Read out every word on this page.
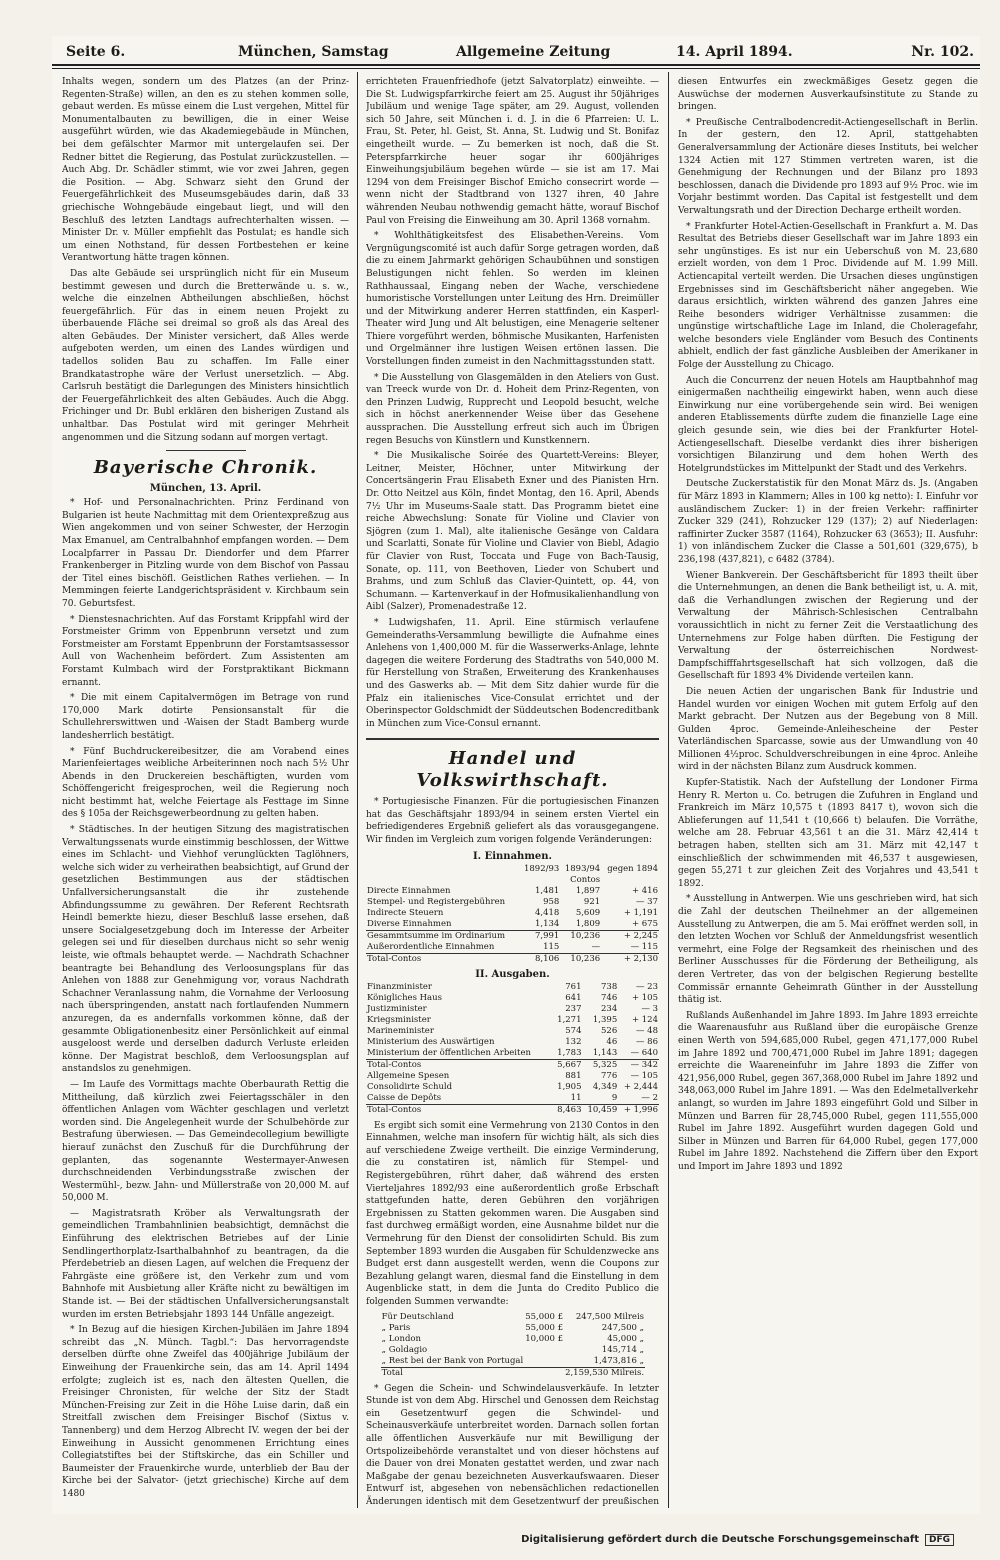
Seite 6.	München, Samstag	Allgemeine Zeitung	14. April 1894.	Nr. 102.

Inhalts wegen, sondern um des Platzes (an der Prinz-Regenten-Straße) willen, an den es zu stehen kommen solle, gebaut werden. Es müsse einem die Lust vergehen, Mittel für Monumentalbauten zu bewilligen, die in einer Weise ausgeführt würden, wie das Akademiegebäude in München, bei dem gefälschter Marmor mit untergelaufen sei. Der Redner bittet die Regierung, das Postulat zurückzustellen. — Auch Abg. Dr. Schädler stimmt, wie vor zwei Jahren, gegen die Position. — Abg. Schwarz sieht den Grund der Feuergefährlichkeit des Museumsgebäudes darin, daß 33 griechische Wohngebäude eingebaut liegt, und will den Beschluß des letzten Landtags aufrechterhalten wissen. — Minister Dr. v. Müller empfiehlt das Postulat; es handle sich um einen Nothstand, für dessen Fortbestehen er keine Verantwortung hätte tragen können.

Das alte Gebäude sei ursprünglich nicht für ein Museum bestimmt gewesen und durch die Bretterwände u. s. w., welche die einzelnen Abtheilungen abschließen, höchst feuergefährlich. Für das in einem neuen Projekt zu überbauende Fläche sei dreimal so groß als das Areal des alten Gebäudes. Der Minister versichert, daß Alles werde aufgeboten werden, um einen des Landes würdigen und tadellos soliden Bau zu schaffen. Im Falle einer Brandkatastrophe wäre der Verlust unersetzlich. — Abg. Carlsruh bestätigt die Darlegungen des Ministers hinsichtlich der Feuergefährlichkeit des alten Gebäudes. Auch die Abgg. Frichinger und Dr. Bubl erklären den bisherigen Zustand als unhaltbar. Das Postulat wird mit geringer Mehrheit angenommen und die Sitzung sodann auf morgen vertagt.

Bayerische Chronik.
München, 13. April.

* Hof- und Personalnachrichten. Prinz Ferdinand von Bulgarien ist heute Nachmittag mit dem Orientexpreßzug aus Wien angekommen und von seiner Schwester, der Herzogin Max Emanuel, am Centralbahnhof empfangen worden. — Dem Localpfarrer in Passau Dr. Diendorfer und dem Pfarrer Frankenberger in Pitzling wurde von dem Bischof von Passau der Titel eines bischöfl. Geistlichen Rathes verliehen. — In Memmingen feierte Landgerichtspräsident v. Kirchbaum sein 70. Geburtsfest.

* Dienstesnachrichten. Auf das Forstamt Krippfahl wird der Forstmeister Grimm von Eppenbrunn versetzt und zum Forstmeister am Forstamt Eppenbrunn der Forstamtsassessor Aull von Wachenheim befördert. Zum Assistenten am Forstamt Kulmbach wird der Forstpraktikant Bickmann ernannt.

* Die mit einem Capitalvermögen im Betrage von rund 170,000 Mark dotirte Pensionsanstalt für die Schullehrerswittwen und -Waisen der Stadt Bamberg wurde landesherrlich bestätigt.

* Fünf Buchdruckereibesitzer, die am Vorabend eines Marienfeiertages weibliche Arbeiterinnen noch nach 5½ Uhr Abends in den Druckereien beschäftigten, wurden vom Schöffengericht freigesprochen, weil die Regierung noch nicht bestimmt hat, welche Feiertage als Festtage im Sinne des § 105a der Reichsgewerbeordnung zu gelten haben.

* Städtisches. In der heutigen Sitzung des magistratischen Verwaltungssenats wurde einstimmig beschlossen, der Wittwe eines im Schlacht- und Viehhof verunglückten Taglöhners, welche sich wider zu verheirathen beabsichtigt, auf Grund der gesetzlichen Bestimmungen aus der städtischen Unfallversicherungsanstalt die ihr zustehende Abfindungssumme zu gewähren. Der Referent Rechtsrath Heindl bemerkte hiezu, dieser Beschluß lasse ersehen, daß unsere Socialgesetzgebung doch im Interesse der Arbeiter gelegen sei und für dieselben durchaus nicht so sehr wenig leiste, wie oftmals behauptet werde. — Nachdrath Schachner beantragte bei Behandlung des Verloosungsplans für das Anlehen von 1888 zur Genehmigung vor, voraus Nachdrath Schachner Veranlassung nahm, die Vornahme der Verloosung nach überspringenden, anstatt nach fortlaufenden Nummern anzuregen, da es andernfalls vorkommen könne, daß der gesammte Obligationenbesitz einer Persönlichkeit auf einmal ausgeloost werde und derselben dadurch Verluste erleiden könne. Der Magistrat beschloß, dem Verloosungsplan auf anstandslos zu genehmigen.

— Im Laufe des Vormittags machte Oberbaurath Rettig die Mittheilung, daß kürzlich zwei Feiertagsschäler in den öffentlichen Anlagen vom Wächter geschlagen und verletzt worden sind. Die Angelegenheit wurde der Schulbehörde zur Bestrafung überwiesen. — Das Gemeindecollegium bewilligte hierauf zunächst den Zuschuß für die Durchführung der geplanten, das sogenannte Westermayer-Anwesen durchschneidenden Verbindungsstraße zwischen der Westermühl-, bezw. Jahn- und Müllerstraße von 20,000 M. auf 50,000 M.

— Magistratsrath Kröber als Verwaltungsrath der gemeindlichen Trambahnlinien beabsichtigt, demnächst die Einführung des elektrischen Betriebes auf der Linie Sendlingerthorplatz-Isarthalbahnhof zu beantragen, da die Pferdebetrieb an diesen Lagen, auf welchen die Frequenz der Fahrgäste eine größere ist, den Verkehr zum und vom Bahnhofe mit Ausbietung aller Kräfte nicht zu bewältigen im Stande ist. — Bei der städtischen Unfallversicherungsanstalt wurden im ersten Betriebsjahr 1893 144 Unfälle angezeigt.

* In Bezug auf die hiesigen Kirchen-Jubiläen im Jahre 1894 schreibt das „N. Münch. Tagbl.“: Das hervorragendste derselben dürfte ohne Zweifel das 400jährige Jubiläum der Einweihung der Frauenkirche sein, das am 14. April 1494 erfolgte; zugleich ist es, nach den ältesten Quellen, die Freisinger Chronisten, für welche der Sitz der Stadt München-Freising zur Zeit in die Höhe Luise darin, daß ein Streitfall zwischen dem Freisinger Bischof (Sixtus v. Tannenberg) und dem Herzog Albrecht IV. wegen der bei der Einweihung in Aussicht genommenen Errichtung eines Collegiatstiftes bei der Stiftskirche, das ein Schiller und Baumeister der Frauenkirche wurde, unterblieb der Bau der Kirche bei der Salvator- (jetzt griechische) Kirche auf dem 1480

errichteten Frauenfriedhofe (jetzt Salvatorplatz) einweihte. — Die St. Ludwigspfarrkirche feiert am 25. August ihr 50jähriges Jubiläum und wenige Tage später, am 29. August, vollenden sich 50 Jahre, seit München i. d. J. in die 6 Pfarreien: U. L. Frau, St. Peter, hl. Geist, St. Anna, St. Ludwig und St. Bonifaz eingetheilt wurde. — Zu bemerken ist noch, daß die St. Peterspfarrkirche heuer sogar ihr 600jähriges Einweihungsjubiläum begehen würde — sie ist am 17. Mai 1294 von dem Freisinger Bischof Emicho consecrirt worde — wenn nicht der Stadtbrand von 1327 ihren, 40 Jahre währenden Neubau nothwendig gemacht hätte, worauf Bischof Paul von Freising die Einweihung am 30. April 1368 vornahm.

* Wohlthätigkeitsfest des Elisabethen-Vereins. Vom Vergnügungscomité ist auch dafür Sorge getragen worden, daß die zu einem Jahrmarkt gehörigen Schaubühnen und sonstigen Belustigungen nicht fehlen. So werden im kleinen Rathhaussaal, Eingang neben der Wache, verschiedene humoristische Vorstellungen unter Leitung des Hrn. Dreimüller und der Mitwirkung anderer Herren stattfinden, ein Kasperl-Theater wird Jung und Alt belustigen, eine Menagerie seltener Thiere vorgeführt werden, böhmische Musikanten, Harfenisten und Orgelmänner ihre lustigen Weisen ertönen lassen. Die Vorstellungen finden zumeist in den Nachmittagsstunden statt.

* Die Ausstellung von Glasgemälden in den Ateliers von Gust. van Treeck wurde von Dr. d. Hoheit dem Prinz-Regenten, von den Prinzen Ludwig, Rupprecht und Leopold besucht, welche sich in höchst anerkennender Weise über das Gesehene aussprachen. Die Ausstellung erfreut sich auch im Übrigen regen Besuchs von Künstlern und Kunstkennern.

* Die Musikalische Soirée des Quartett-Vereins: Bleyer, Leitner, Meister, Höchner, unter Mitwirkung der Concertsängerin Frau Elisabeth Exner und des Pianisten Hrn. Dr. Otto Neitzel aus Köln, findet Montag, den 16. April, Abends 7½ Uhr im Museums-Saale statt. Das Programm bietet eine reiche Abwechslung: Sonate für Violine und Clavier von Sjögren (zum 1. Mal), alte italienische Gesänge von Caldara und Scarlatti, Sonate für Violine und Clavier von Biebl, Adagio für Clavier von Rust, Toccata und Fuge von Bach-Tausig, Sonate, op. 111, von Beethoven, Lieder von Schubert und Brahms, und zum Schluß das Clavier-Quintett, op. 44, von Schumann. — Kartenverkauf in der Hofmusikalienhandlung von Aibl (Salzer), Promenadestraße 12.

* Ludwigshafen, 11. April. Eine stürmisch verlaufene Gemeinderaths-Versammlung bewilligte die Aufnahme eines Anlehens von 1,400,000 M. für die Wasserwerks-Anlage, lehnte dagegen die weitere Forderung des Stadtraths von 540,000 M. für Herstellung von Straßen, Erweiterung des Krankenhauses und des Gaswerks ab. — Mit dem Sitz dahier wurde für die Pfalz ein italienisches Vice-Consulat errichtet und der Oberinspector Goldschmidt der Süddeutschen Bodencreditbank in München zum Vice-Consul ernannt.

Handel und Volkswirthschaft.

* Portugiesische Finanzen. Für die portugiesischen Finanzen hat das Geschäftsjahr 1893/94 in seinem ersten Viertel ein befriedigenderes Ergebniß geliefert als das vorausgegangene. Wir finden im Vergleich zum vorigen folgende Veränderungen:

I. Einnahmen.
	1892/93	1893/94	gegen 1894
		Contos	
Directe Einnahmen	1,481	1,897	+ 416
Stempel- und Registergebühren	958	921	— 37
Indirecte Steuern	4,418	5,609	+ 1,191
Diverse Einnahmen	1,134	1,809	+ 675
Gesammtsumme im Ordinarium	7,991	10,236	+ 2,245
Außerordentliche Einnahmen	115	—	— 115
Total-Contos	8,106	10,236	+ 2,130
II. Ausgaben.
Finanzminister	761	738	— 23
Königliches Haus	641	746	+ 105
Justizminister	237	234	— 3
Kriegsminister	1,271	1,395	+ 124
Marineminister	574	526	— 48
Ministerium des Auswärtigen	132	46	— 86
Ministerium der öffentlichen Arbeiten	1,783	1,143	— 640
Total-Contos	5,667	5,325	— 342
Allgemeine Spesen	881	776	— 105
Consolidirte Schuld	1,905	4,349	+ 2,444
Caisse de Depôts	11	9	— 2
Total-Contos	8,463	10,459	+ 1,996

Es ergibt sich somit eine Vermehrung von 2130 Contos in den Einnahmen, welche man insofern für wichtig hält, als sich dies auf verschiedene Zweige vertheilt. Die einzige Verminderung, die zu constatiren ist, nämlich für Stempel- und Registergebühren, rührt daher, daß während des ersten Vierteljahres 1892/93 eine außerordentlich große Erbschaft stattgefunden hatte, deren Gebühren den vorjährigen Ergebnissen zu Statten gekommen waren. Die Ausgaben sind fast durchweg ermäßigt worden, eine Ausnahme bildet nur die Vermehrung für den Dienst der consolidirten Schuld. Bis zum September 1893 wurden die Ausgaben für Schuldenzwecke ans Budget erst dann ausgestellt werden, wenn die Coupons zur Bezahlung gelangt waren, diesmal fand die Einstellung in dem Augenblicke statt, in dem die Junta do Credito Publico die folgenden Summen verwandte:

Für Deutschland	55,000 £	247,500 Milreis
„ Paris	55,000 £	247,500 „
„ London	10,000 £	45,000 „
„ Goldagio		145,714 „
„ Rest bei der Bank von Portugal		1,473,816 „
Total		2,159,530 Milreis.

* Gegen die Schein- und Schwindelausverkäufe. In letzter Stunde ist von dem Abg. Hirschel und Genossen dem Reichstag ein Gesetzentwurf gegen die Schwindel- und Scheinausverkäufe unterbreitet worden. Darnach sollen fortan alle öffentlichen Ausverkäufe nur mit Bewilligung der Ortspolizeibehörde veranstaltet und von dieser höchstens auf die Dauer von drei Monaten gestattet werden, und zwar nach Maßgabe der genau bezeichneten Ausverkaufswaaren. Dieser Entwurf ist, abgesehen von nebensächlichen redactionellen Änderungen identisch mit dem Gesetzentwurf der preußischen

diesen Entwurfes ein zweckmäßiges Gesetz gegen die Auswüchse der modernen Ausverkaufsinstitute zu Stande zu bringen.

* Preußische Centralbodencredit-Actiengesellschaft in Berlin. In der gestern, den 12. April, stattgehabten Generalversammlung der Actionäre dieses Instituts, bei welcher 1324 Actien mit 127 Stimmen vertreten waren, ist die Genehmigung der Rechnungen und der Bilanz pro 1893 beschlossen, danach die Dividende pro 1893 auf 9½ Proc. wie im Vorjahr bestimmt worden. Das Capital ist festgestellt und dem Verwaltungsrath und der Direction Decharge ertheilt worden.

* Frankfurter Hotel-Actien-Gesellschaft in Frankfurt a. M. Das Resultat des Betriebs dieser Gesellschaft war im Jahre 1893 ein sehr ungünstiges. Es ist nur ein Ueberschuß von M. 23,680 erzielt worden, von dem 1 Proc. Dividende auf M. 1.99 Mill. Actiencapital verteilt werden. Die Ursachen dieses ungünstigen Ergebnisses sind im Geschäftsbericht näher angegeben. Wie daraus ersichtlich, wirkten während des ganzen Jahres eine Reihe besonders widriger Verhältnisse zusammen: die ungünstige wirtschaftliche Lage im Inland, die Choleragefahr, welche besonders viele Engländer vom Besuch des Continents abhielt, endlich der fast gänzliche Ausbleiben der Amerikaner in Folge der Ausstellung zu Chicago.

Auch die Concurrenz der neuen Hotels am Hauptbahnhof mag einigermaßen nachtheilig eingewirkt haben, wenn auch diese Einwirkung nur eine vorübergehende sein wird. Bei wenigen anderen Etablissements dürfte zudem die finanzielle Lage eine gleich gesunde sein, wie dies bei der Frankfurter Hotel-Actiengesellschaft. Dieselbe verdankt dies ihrer bisherigen vorsichtigen Bilanzirung und dem hohen Werth des Hotelgrundstückes im Mittelpunkt der Stadt und des Verkehrs.

Deutsche Zuckerstatistik für den Monat März ds. Js. (Angaben für März 1893 in Klammern; Alles in 100 kg netto): I. Einfuhr vor ausländischem Zucker: 1) in der freien Verkehr: raffinirter Zucker 329 (241), Rohzucker 129 (137); 2) auf Niederlagen: raffinirter Zucker 3587 (1164), Rohzucker 63 (3653); II. Ausfuhr: 1) von inländischem Zucker die Classe a 501,601 (329,675), b 236,198 (437,821), c 6482 (3784).

Wiener Bankverein. Der Geschäftsbericht für 1893 theilt über die Unternehmungen, an denen die Bank betheiligt ist, u. A. mit, daß die Verhandlungen zwischen der Regierung und der Verwaltung der Mährisch-Schlesischen Centralbahn voraussichtlich in nicht zu ferner Zeit die Verstaatlichung des Unternehmens zur Folge haben dürften. Die Festigung der Verwaltung der österreichischen Nordwest-Dampfschifffahrtsgesellschaft hat sich vollzogen, daß die Gesellschaft für 1893 4% Dividende verteilen kann.

Die neuen Actien der ungarischen Bank für Industrie und Handel wurden vor einigen Wochen mit gutem Erfolg auf den Markt gebracht. Der Nutzen aus der Begebung von 8 Mill. Gulden 4proc. Gemeinde-Anleihescheine der Pester Vaterländischen Sparcasse, sowie aus der Umwandlung von 40 Millionen 4½proc. Schuldverschreibungen in eine 4proc. Anleihe wird in der nächsten Bilanz zum Ausdruck kommen.

Kupfer-Statistik. Nach der Aufstellung der Londoner Firma Henry R. Merton u. Co. betrugen die Zufuhren in England und Frankreich im März 10,575 t (1893 8417 t), wovon sich die Ablieferungen auf 11,541 t (10,666 t) belaufen. Die Vorräthe, welche am 28. Februar 43,561 t an die 31. März 42,414 t betragen haben, stellten sich am 31. März mit 42,147 t einschließlich der schwimmenden mit 46,537 t ausgewiesen, gegen 55,271 t zur gleichen Zeit des Vorjahres und 43,541 t 1892.

* Ausstellung in Antwerpen. Wie uns geschrieben wird, hat sich die Zahl der deutschen Theilnehmer an der allgemeinen Ausstellung zu Antwerpen, die am 5. Mai eröffnet werden soll, in den letzten Wochen vor Schluß der Anmeldungsfrist wesentlich vermehrt, eine Folge der Regsamkeit des rheinischen und des Berliner Ausschusses für die Förderung der Betheiligung, als deren Vertreter, das von der belgischen Regierung bestellte Commissär ernannte Geheimrath Günther in der Ausstellung thätig ist.

Rußlands Außenhandel im Jahre 1893. Im Jahre 1893 erreichte die Waarenausfuhr aus Rußland über die europäische Grenze einen Werth von 594,685,000 Rubel, gegen 471,177,000 Rubel im Jahre 1892 und 700,471,000 Rubel im Jahre 1891; dagegen erreichte die Waareneinfuhr im Jahre 1893 die Ziffer von 421,956,000 Rubel, gegen 367,368,000 Rubel im Jahre 1892 und 348,063,000 Rubel im Jahre 1891. — Was den Edelmetallverkehr anlangt, so wurden im Jahre 1893 eingeführt Gold und Silber in Münzen und Barren für 28,745,000 Rubel, gegen 111,555,000 Rubel im Jahre 1892. Ausgeführt wurden dagegen Gold und Silber in Münzen und Barren für 64,000 Rubel, gegen 177,000 Rubel im Jahre 1892. Nachstehend die Ziffern über den Export und Import im Jahre 1893 und 1892

Digitalisierung gefördert durch die Deutsche Forschungsgemeinschaft DFG
